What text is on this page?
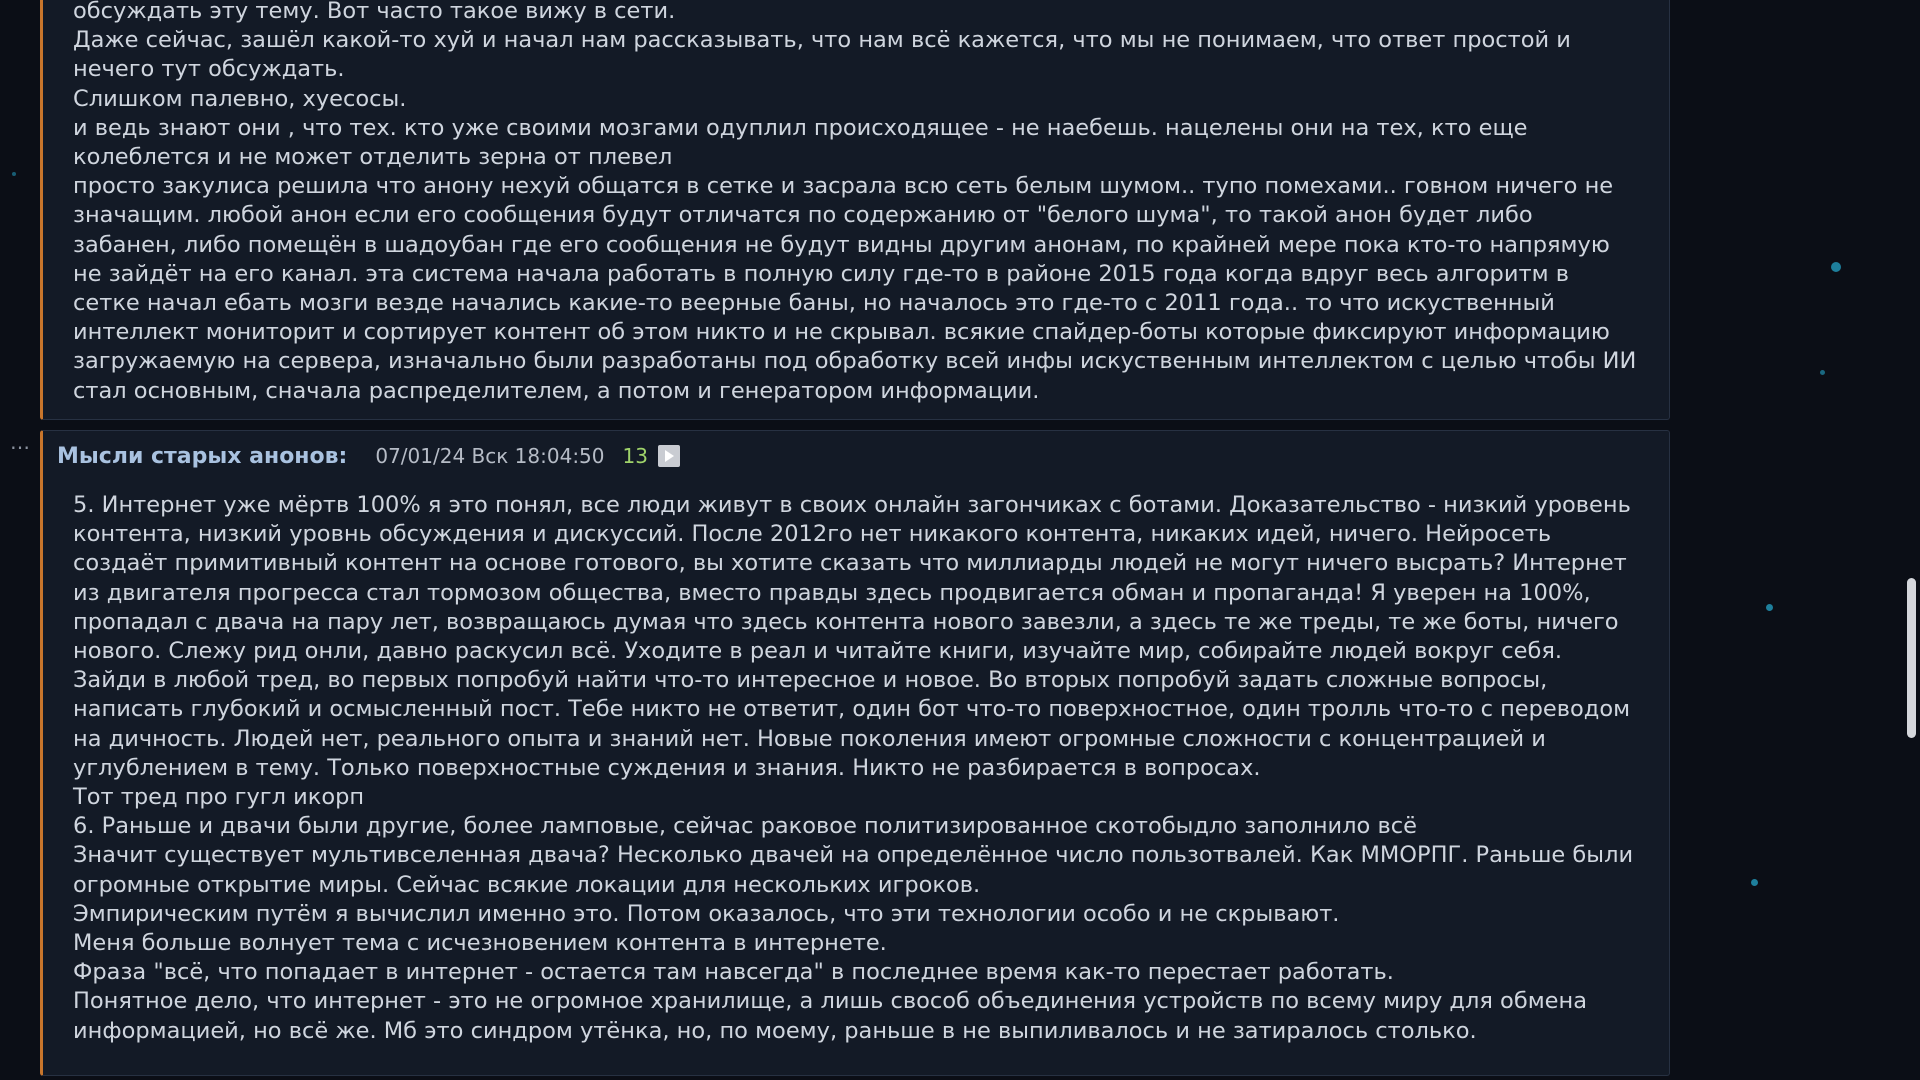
обсуждать эту тему. Вот часто такое вижу в сети.
Даже сейчас, зашёл какой-то хуй и начал нам рассказывать, что нам всё кажется, что мы не понимаем, что ответ простой и нечего тут обсуждать.
Слишком палевно, хуесосы.
и ведь знают они , что тех. кто уже своими мозгами одуплил происходящее - не наебешь. нацелены они на тех, кто еще колеблется и не может отделить зерна от плевел
просто закулиса решила что анону нехуй общатся в сетке и засрала всю сеть белым шумом.. тупо помехами.. говном ничего не значащим. любой анон если его сообщения будут отличатся по содержанию от "белого шума", то такой анон будет либо забанен, либо помещён в шадоубан где его сообщения не будут видны другим анонам, по крайней мере пока кто-то напрямую не зайдёт на его канал. эта система начала работать в полную силу где-то в районе 2015 года когда вдруг весь алгоритм в сетке начал ебать мозги везде начались какие-то веерные баны, но началось это где-то с 2011 года.. то что искуственный интеллект мониторит и сортирует контент об этом никто и не скрывал. всякие спайдер-боты которые фиксируют информацию загружаемую на сервера, изначально были разработаны под обработку всей инфы искуственным интеллектом с целью чтобы ИИ стал основным, сначала распределителем, а потом и генератором информации.
…
Мысли старых анонов: 07/01/24 Вск 18:04:50 13
5. Интернет уже мёртв 100% я это понял, все люди живут в своих онлайн загончиках с ботами. Доказательство - низкий уровень контента, низкий уровнь обсуждения и дискуссий. После 2012го нет никакого контента, никаких идей, ничего. Нейросеть создаёт примитивный контент на основе готового, вы хотите сказать что миллиарды людей не могут ничего высрать? Интернет из двигателя прогресса стал тормозом общества, вместо правды здесь продвигается обман и пропаганда! Я уверен на 100%, пропадал с двача на пару лет, возвращаюсь думая что здесь контента нового завезли, а здесь те же треды, те же боты, ничего нового. Слежу рид онли, давно раскусил всё. Уходите в реал и читайте книги, изучайте мир, собирайте людей вокруг себя.
Зайди в любой тред, во первых попробуй найти что-то интересное и новое. Во вторых попробуй задать сложные вопросы, написать глубокий и осмысленный пост. Тебе никто не ответит, один бот что-то поверхностное, один тролль что-то с переводом на дичность. Людей нет, реального опыта и знаний нет. Новые поколения имеют огромные сложности с концентрацией и углублением в тему. Только поверхностные суждения и знания. Никто не разбирается в вопросах.
Тот тред про гугл икорп
6. Раньше и двачи были другие, более ламповые, сейчас раковое политизированное скотобыдло заполнило всё
Значит существует мультивселенная двача? Несколько двачей на определённое число пользотвалей. Как ММОРПГ. Раньше были огромные открытие миры. Сейчас всякие локации для нескольких игроков.
Эмпирическим путём я вычислил именно это. Потом оказалось, что эти технологии особо и не скрывают.
Меня больше волнует тема с исчезновением контента в интернете.
Фраза "всё, что попадает в интернет - остается там навсегда" в последнее время как-то перестает работать.
Понятное дело, что интернет - это не огромное хранилище, а лишь свособ объединения устройств по всему миру для обмена информацией, но всё же. Мб это синдром утёнка, но, по моему, раньше в не выпиливалось и не затиралось столько.
